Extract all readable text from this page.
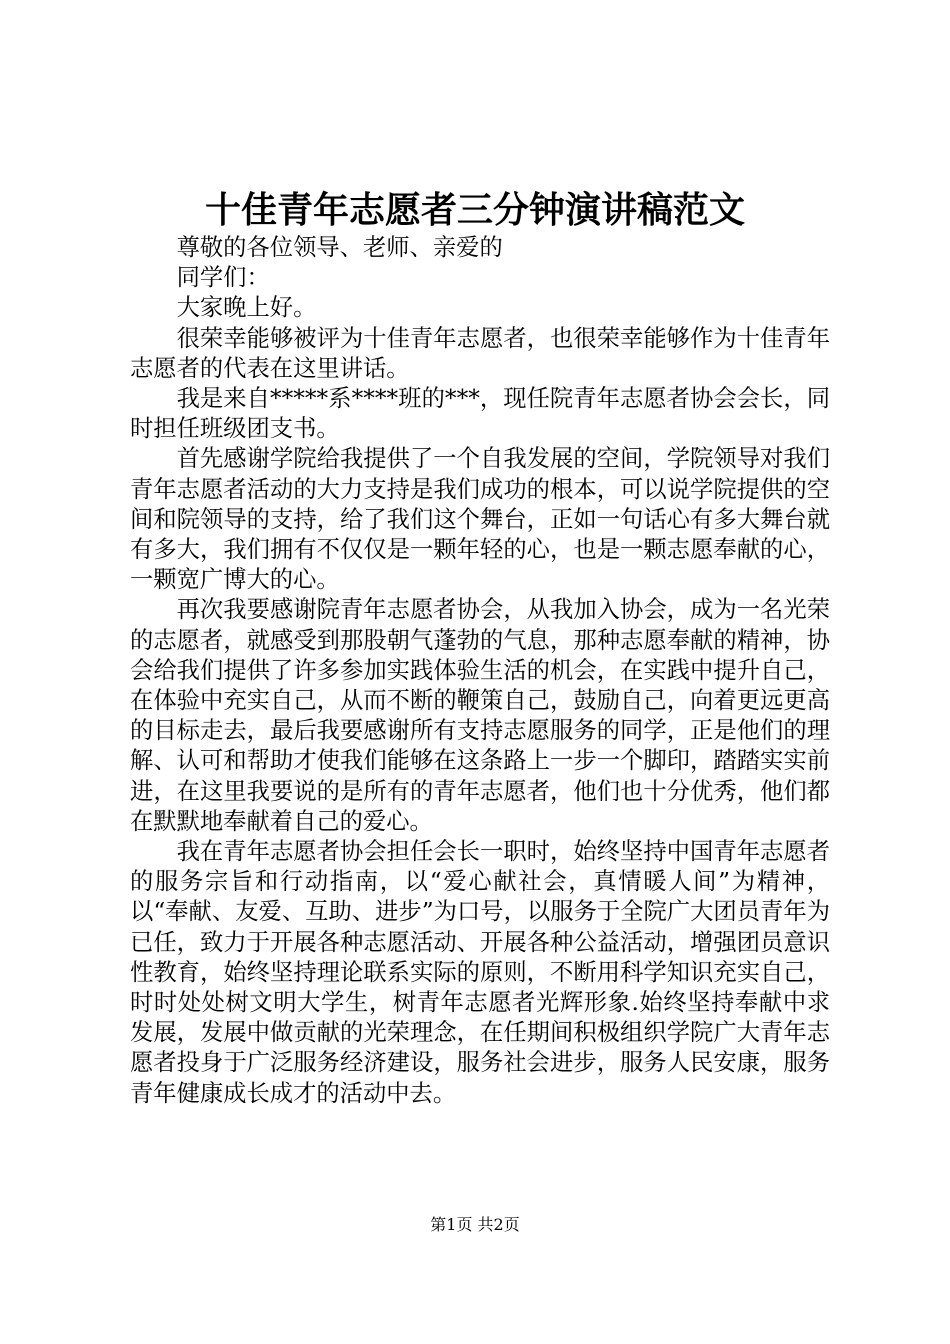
十佳青年志愿者三分钟演讲稿范文

尊敬的各位领导、老师、亲爱的

同学们：

大家晚上好。

很荣幸能够被评为十佳青年志愿者，也很荣幸能够作为十佳青年志愿者的代表在这里讲话。

我是来自*****系****班的***，现任院青年志愿者协会会长，同时担任班级团支书。

首先感谢学院给我提供了一个自我发展的空间，学院领导对我们青年志愿者活动的大力支持是我们成功的根本，可以说学院提供的空间和院领导的支持，给了我们这个舞台，正如一句话心有多大舞台就有多大，我们拥有不仅仅是一颗年轻的心，也是一颗志愿奉献的心，一颗宽广博大的心。

再次我要感谢院青年志愿者协会，从我加入协会，成为一名光荣的志愿者，就感受到那股朝气蓬勃的气息，那种志愿奉献的精神，协会给我们提供了许多参加实践体验生活的机会，在实践中提升自己，在体验中充实自己，从而不断的鞭策自己，鼓励自己，向着更远更高的目标走去，最后我要感谢所有支持志愿服务的同学，正是他们的理解、认可和帮助才使我们能够在这条路上一步一个脚印，踏踏实实前进，在这里我要说的是所有的青年志愿者，他们也十分优秀，他们都在默默地奉献着自己的爱心。

我在青年志愿者协会担任会长一职时，始终坚持中国青年志愿者的服务宗旨和行动指南，以“爱心献社会，真情暖人间”为精神，以“奉献、友爱、互助、进步”为口号，以服务于全院广大团员青年为已任，致力于开展各种志愿活动、开展各种公益活动，增强团员意识性教育，始终坚持理论联系实际的原则，不断用科学知识充实自己，时时处处树文明大学生，树青年志愿者光辉形象.始终坚持奉献中求发展，发展中做贡献的光荣理念，在任期间积极组织学院广大青年志愿者投身于广泛服务经济建设，服务社会进步，服务人民安康，服务青年健康成长成才的活动中去。

第1页 共2页
